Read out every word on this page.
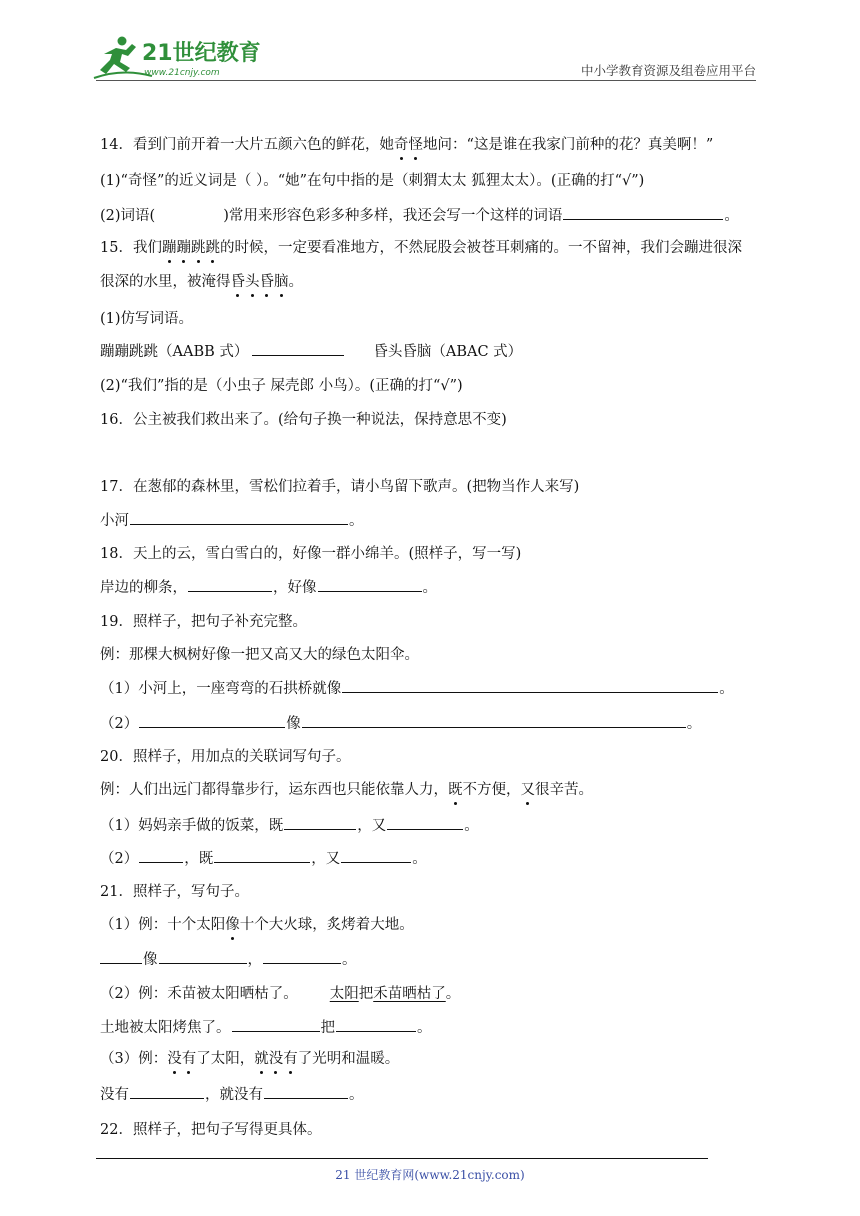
21世纪教育
www.21cnjy.com	中小学教育资源及组卷应用平台
14．看到门前开着一大片五颜六色的鲜花，她奇怪地问：“这是谁在我家门前种的花？真美啊！”
(1)“奇怪”的近义词是（ ）。“她”在句中指的是（刺猬太太 狐狸太太）。(正确的打“√”)
(2)词语(	)常用来形容色彩多种多样，我还会写一个这样的词语	。
15．我们蹦蹦跳跳的时候，一定要看准地方，不然屁股会被苍耳刺痛的。一不留神，我们会蹦进很深
很深的水里，被淹得昏头昏脑。
(1)仿写词语。
蹦蹦跳跳（AABB 式）	昏头昏脑（ABAC 式）
(2)“我们”指的是（小虫子 屎壳郎 小鸟）。(正确的打“√”)
16．公主被我们救出来了。(给句子换一种说法，保持意思不变)
17．在葱郁的森林里，雪松们拉着手，请小鸟留下歌声。(把物当作人来写)
小河	。
18．天上的云，雪白雪白的，好像一群小绵羊。(照样子，写一写)
岸边的柳条，	，好像	。
19．照样子，把句子补充完整。
例：那棵大枫树好像一把又高又大的绿色太阳伞。
（1）小河上，一座弯弯的石拱桥就像	。
（2）	像	。
20．照样子，用加点的关联词写句子。
例：人们出远门都得靠步行，运东西也只能依靠人力，既不方便，又很辛苦。
（1）妈妈亲手做的饭菜，既	，又	。
（2）	，既	，又	。
21．照样子，写句子。
（1）例：十个太阳像十个大火球，炙烤着大地。
像	，	。
（2）例：禾苗被太阳晒枯了。 太阳把禾苗晒枯了。
土地被太阳烤焦了。	把	。
（3）例：没有了太阳，就没有了光明和温暖。
没有	，就没有	。
22．照样子，把句子写得更具体。
21 世纪教育网(www.21cnjy.com)
